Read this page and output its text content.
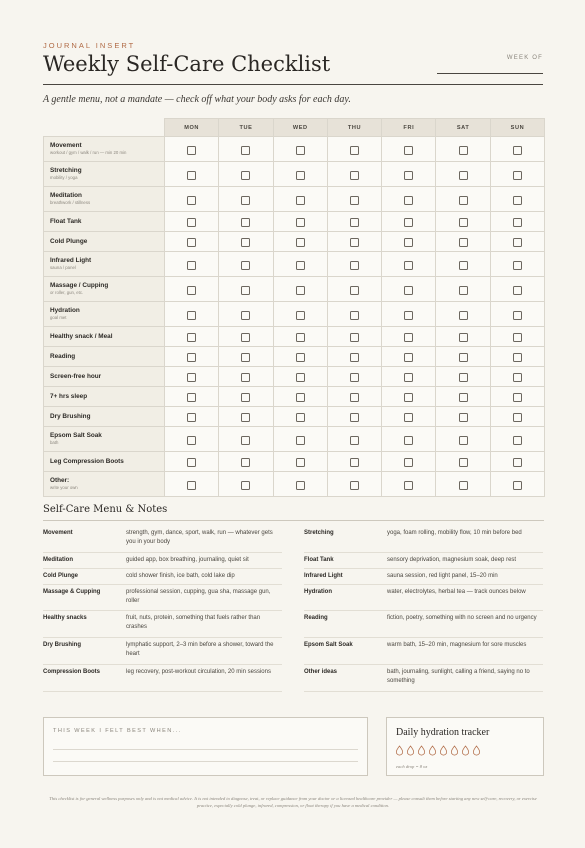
JOURNAL INSERT
Weekly Self-Care Checklist	WEEK OF
A gentle menu, not a mandate — check off what your body asks for each day.
	MON	TUE	WED	THU	FRI	SAT	SUN

Movement
workout / gym / walk / run — min 20 min							

Stretching
mobility / yoga							

Meditation
breathwork / stillness							

Float Tank							

Cold Plunge							

Infrared Light
sauna / panel							

Massage / Cupping
or roller, gun, etc.							

Hydration
goal met							

Healthy snack / Meal							

Reading							

Screen-free hour							

7+ hrs sleep							

Dry Brushing							

Epsom Salt Soak
bath							

Leg Compression Boots							

Other:
write your own							

Self-Care Menu & Notes
Movement	strength, gym, dance, sport, walk, run — whatever gets you in your body
Meditation	guided app, box breathing, journaling, quiet sit
Cold Plunge	cold shower finish, ice bath, cold lake dip
Massage & Cupping	professional session, cupping, gua sha, massage gun, roller
Healthy snacks	fruit, nuts, protein, something that fuels rather than crashes
Dry Brushing	lymphatic support, 2–3 min before a shower, toward the heart
Compression Boots	leg recovery, post-workout circulation, 20 min sessions
Stretching	yoga, foam rolling, mobility flow, 10 min before bed
Float Tank	sensory deprivation, magnesium soak, deep rest
Infrared Light	sauna session, red light panel, 15–20 min
Hydration	water, electrolytes, herbal tea — track ounces below
Reading	fiction, poetry, something with no screen and no urgency
Epsom Salt Soak	warm bath, 15–20 min, magnesium for sore muscles
Other ideas	bath, journaling, sunlight, calling a friend, saying no to something
THIS WEEK I FELT BEST WHEN...	Daily hydration tracker
each drop = 8 oz
This checklist is for general wellness purposes only and is not medical advice. It is not intended to diagnose, treat, or replace guidance from your doctor or a licensed healthcare provider — please consult them before starting any new self-care, recovery, or exercise practice, especially cold plunge, infrared, compression, or float therapy if you have a medical condition.
